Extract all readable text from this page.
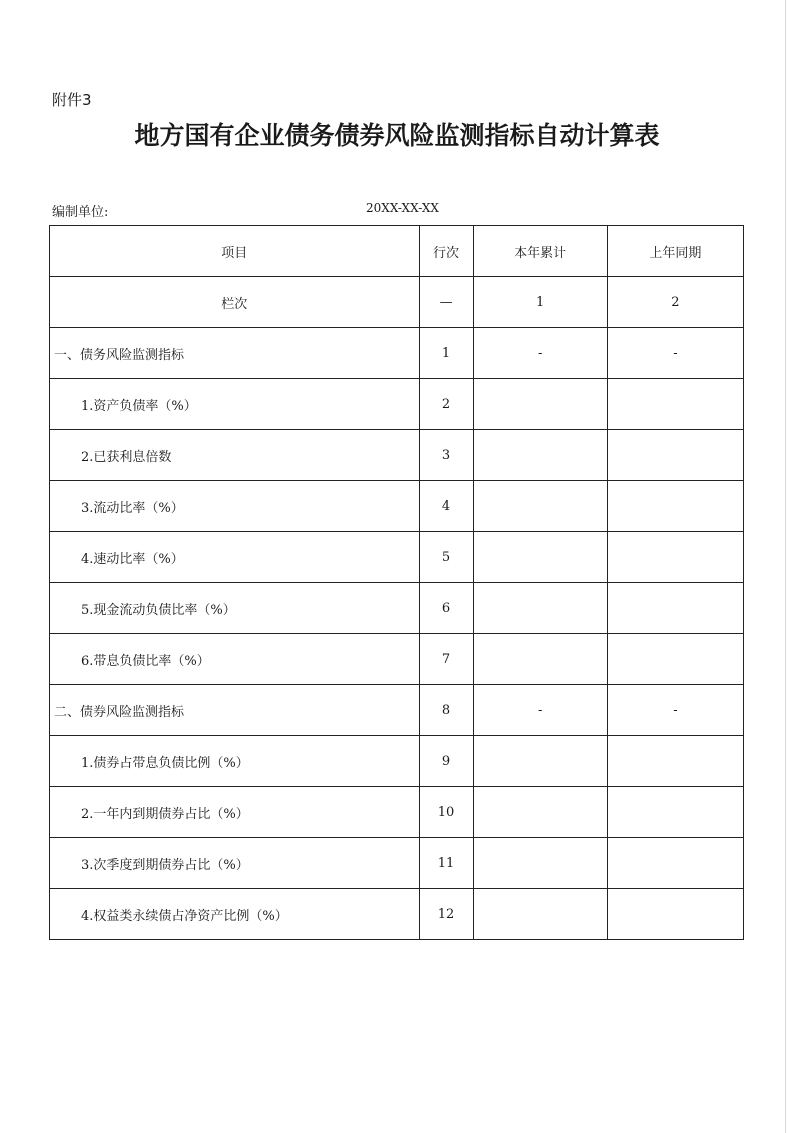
附件3
地方国有企业债务债券风险监测指标自动计算表
编制单位:	20XX-XX-XX
项目	行次	本年累计	上年同期
栏次	—	1	2
一、债务风险监测指标	1	-	-
1.资产负债率（%）	2		
2.已获利息倍数	3		
3.流动比率（%）	4		
4.速动比率（%）	5		
5.现金流动负债比率（%）	6		
6.带息负债比率（%）	7		
二、债券风险监测指标	8	-	-
1.债券占带息负债比例（%）	9		
2.一年内到期债券占比（%）	10		
3.次季度到期债券占比（%）	11		
4.权益类永续债占净资产比例（%）	12		
